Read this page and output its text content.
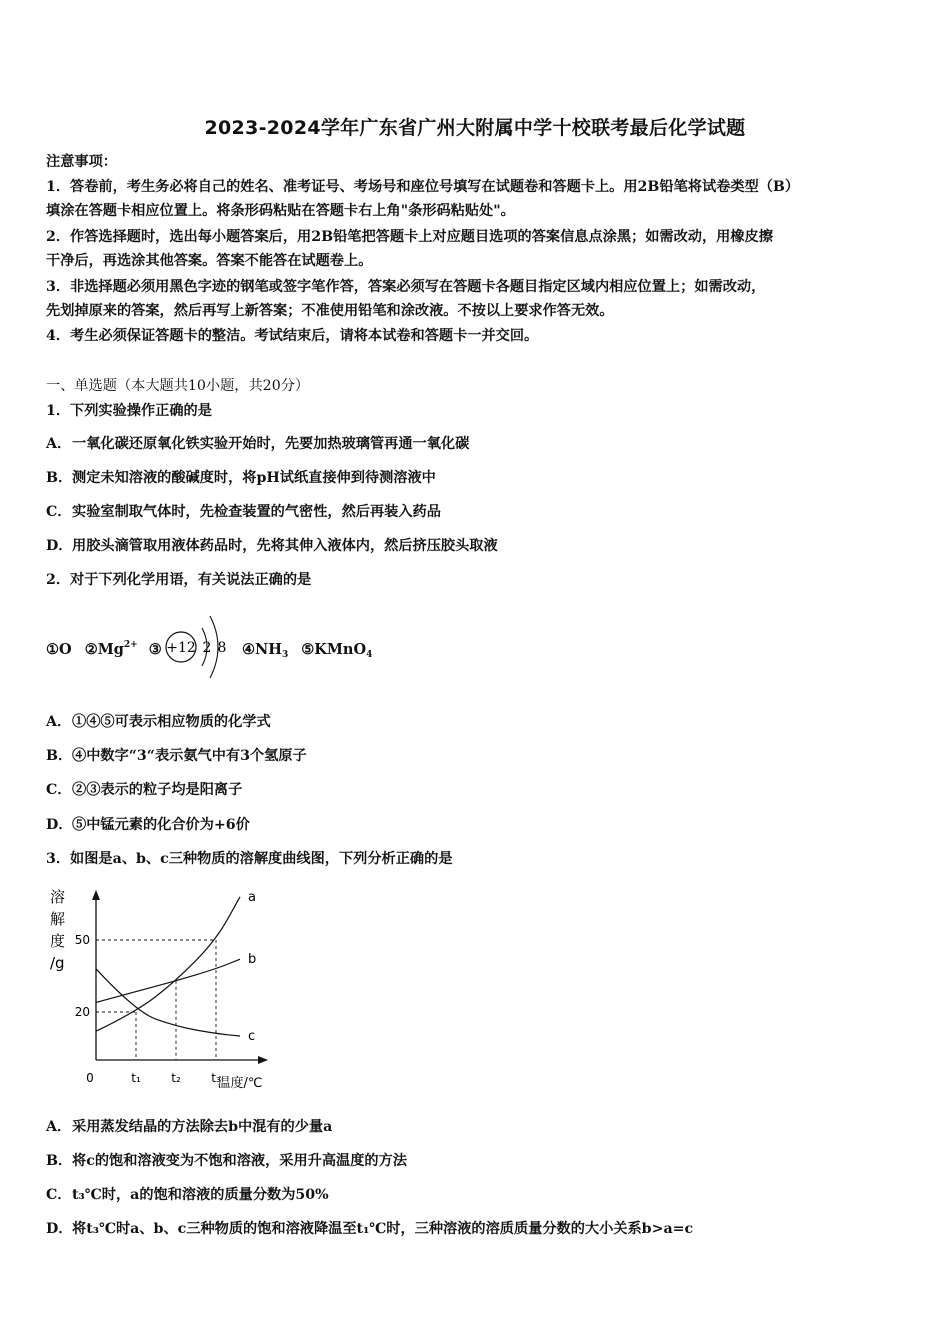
2023-2024学年广东省广州大附属中学十校联考最后化学试题
注意事项：
1．答卷前，考生务必将自己的姓名、准考证号、考场号和座位号填写在试题卷和答题卡上。用2B铅笔将试卷类型（B）
填涂在答题卡相应位置上。将条形码粘贴在答题卡右上角"条形码粘贴处"。
2．作答选择题时，选出每小题答案后，用2B铅笔把答题卡上对应题目选项的答案信息点涂黑；如需改动，用橡皮擦
干净后，再选涂其他答案。答案不能答在试题卷上。
3．非选择题必须用黑色字迹的钢笔或签字笔作答，答案必须写在答题卡各题目指定区域内相应位置上；如需改动，
先划掉原来的答案，然后再写上新答案；不准使用铅笔和涂改液。不按以上要求作答无效。
4．考生必须保证答题卡的整洁。考试结束后，请将本试卷和答题卡一并交回。
一、单选题（本大题共10小题，共20分）
1．下列实验操作正确的是
A．一氧化碳还原氧化铁实验开始时，先要加热玻璃管再通一氧化碳
B．测定未知溶液的酸碱度时，将pH试纸直接伸到待测溶液中
C．实验室制取气体时，先检查装置的气密性，然后再装入药品
D．用胶头滴管取用液体药品时，先将其伸入液体内，然后挤压胶头取液
2．对于下列化学用语，有关说法正确的是
①O $②Mg^{2+}$ ③ +12 2 8 $④NH_3$ ⑤KMnO$_4$
A．①④⑤可表示相应物质的化学式
B．④中数字“3“表示氨气中有3个氢原子
C．②③表示的粒子均是阳离子
D．⑤中锰元素的化合价为+6价
3．如图是a、b、c三种物质的溶解度曲线图，下列分析正确的是
溶
解
度
/g
0
20
50
t₁	t₂	t₃
温度/℃
a
b
c
A．采用蒸发结晶的方法除去b中混有的少量a
B．将c的饱和溶液变为不饱和溶液，采用升高温度的方法
C．t₃℃时，a的饱和溶液的质量分数为50%
D．将t₃℃时a、b、c三种物质的饱和溶液降温至t₁℃时，三种溶液的溶质质量分数的大小关系b>a=c
